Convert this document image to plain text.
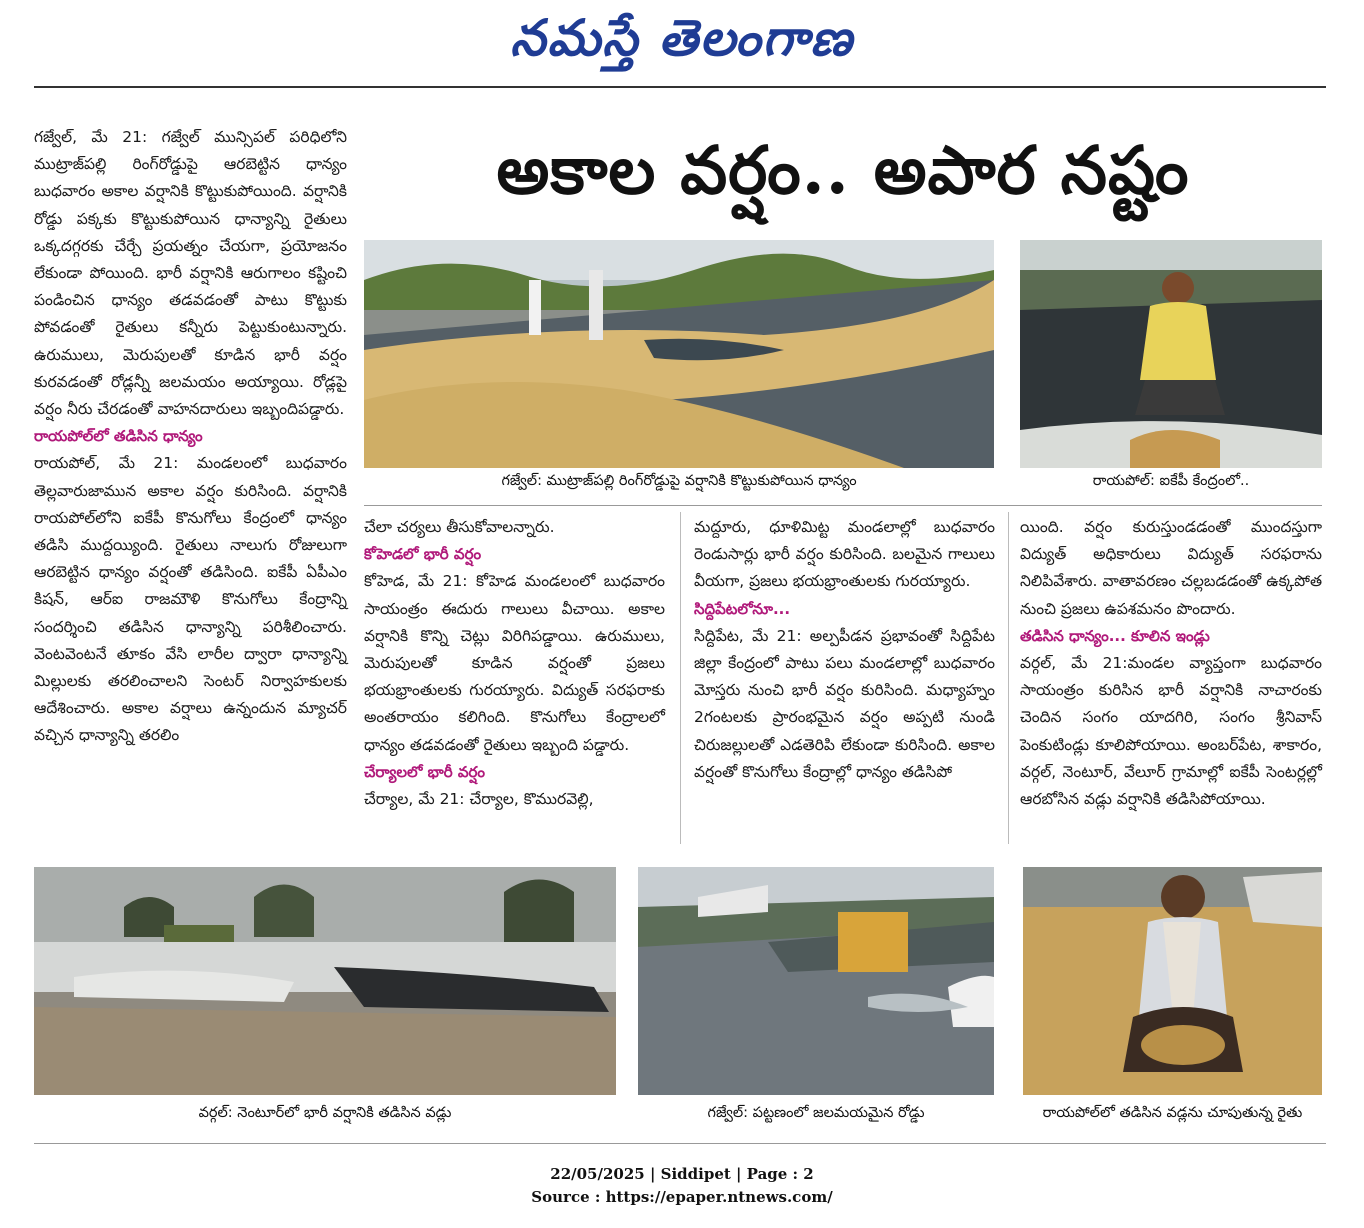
నమస్తే తెలంగాణ
అకాల వర్షం.. అపార నష్టం

గజ్వేల్, మే 21: గజ్వేల్ మున్సిపల్ పరిధిలోని ముట్రాజ్‌పల్లి రింగ్‌రోడ్డుపై ఆరబెట్టిన ధాన్యం బుధవారం అకాల వర్షానికి కొట్టుకుపోయింది. వర్షానికి రోడ్డు పక్కకు కొట్టుకుపోయిన ధాన్యాన్ని రైతులు ఒక్కదగ్గరకు చేర్చే ప్రయత్నం చేయగా, ప్రయోజనం లేకుండా పోయింది. భారీ వర్షానికి ఆరుగాలం కష్టించి పండించిన ధాన్యం తడవడంతో పాటు కొట్టుకు పోవడంతో రైతులు కన్నీరు పెట్టుకుంటున్నారు. ఉరుములు, మెరుపులతో కూడిన భారీ వర్షం కురవడంతో రోడ్లన్నీ జలమయం అయ్యాయి. రోడ్లపై వర్షం నీరు చేరడంతో వాహనదారులు ఇబ్బందిపడ్డారు.

రాయపోల్‌లో తడిసిన ధాన్యం

రాయపోల్, మే 21: మండలంలో బుధవారం తెల్లవారుజామున అకాల వర్షం కురిసింది. వర్షానికి రాయపోల్‌లోని ఐకేపీ కొనుగోలు కేంద్రంలో ధాన్యం తడిసి ముద్దయ్యింది. రైతులు నాలుగు రోజులుగా ఆరబెట్టిన ధాన్యం వర్షంతో తడిసింది. ఐకేపీ ఏపీఎం కిషన్, ఆర్ఐ రాజమౌళి కొనుగోలు కేంద్రాన్ని సందర్శించి తడిసిన ధాన్యాన్ని పరిశీలించారు. వెంటవెంటనే తూకం వేసి లారీల ద్వారా ధాన్యాన్ని మిల్లులకు తరలించాలని సెంటర్ నిర్వాహకులకు ఆదేశించారు. అకాల వర్షాలు ఉన్నందున మ్యాచర్ వచ్చిన ధాన్యాన్ని తరలిం

గజ్వేల్: ముట్రాజ్‌పల్లి రింగ్‌రోడ్డుపై వర్షానికి కొట్టుకుపోయిన ధాన్యం	రాయపోల్: ఐకేపీ కేంద్రంలో..

చేలా చర్యలు తీసుకోవాలన్నారు.

కోహెడలో భారీ వర్షం

కోహెడ, మే 21: కోహెడ మండలంలో బుధవారం సాయంత్రం ఈదురు గాలులు వీచాయి. అకాల వర్షానికి కొన్ని చెట్లు విరిగిపడ్డాయి. ఉరుములు, మెరుపులతో కూడిన వర్షంతో ప్రజలు భయభ్రాంతులకు గురయ్యారు. విద్యుత్ సరఫరాకు అంతరాయం కలిగింది. కొనుగోలు కేంద్రాలలో ధాన్యం తడవడంతో రైతులు ఇబ్బంది పడ్డారు.

చేర్యాలలో భారీ వర్షం

చేర్యాల, మే 21: చేర్యాల, కొమురవెల్లి,

మద్దూరు, ధూళిమిట్ట మండలాల్లో బుధవారం రెండుసార్లు భారీ వర్షం కురిసింది. బలమైన గాలులు వీయగా, ప్రజలు భయభ్రాంతులకు గురయ్యారు.

సిద్దిపేటలోనూ...

సిద్దిపేట, మే 21: అల్పపీడన ప్రభావంతో సిద్దిపేట జిల్లా కేంద్రంలో పాటు పలు మండలాల్లో బుధవారం మోస్తరు నుంచి భారీ వర్షం కురిసింది. మధ్యాహ్నం 2గంటలకు ప్రారంభమైన వర్షం అప్పటి నుండి చిరుజల్లులతో ఎడతెరిపి లేకుండా కురిసింది. అకాల వర్షంతో కొనుగోలు కేంద్రాల్లో ధాన్యం తడిసిపో

యింది. వర్షం కురుస్తుండడంతో ముందస్తుగా విద్యుత్ అధికారులు విద్యుత్ సరఫరాను నిలిపివేశారు. వాతావరణం చల్లబడడంతో ఉక్కపోత నుంచి ప్రజలు ఉపశమనం పొందారు.

తడిసిన ధాన్యం... కూలిన ఇండ్లు

వర్గల్, మే 21:మండల వ్యాప్తంగా బుధవారం సాయంత్రం కురిసిన భారీ వర్షానికి నాచారంకు చెందిన సంగం యాదగిరి, సంగం శ్రీనివాస్ పెంకుటిండ్లు కూలిపోయాయి. అంబర్‌పేట, శాకారం, వర్గల్, నెంటూర్, వేలూర్ గ్రామాల్లో ఐకేపీ సెంటర్లల్లో ఆరబోసిన వడ్లు వర్షానికి తడిసిపోయాయి.

వర్గల్: నెంటూర్‌లో భారీ వర్షానికి తడిసిన వడ్లు	గజ్వేల్: పట్టణంలో జలమయమైన రోడ్డు	రాయపోల్‌లో తడిసిన వడ్లను చూపుతున్న రైతు
22/05/2025 | Siddipet | Page : 2
Source : https://epaper.ntnews.com/
